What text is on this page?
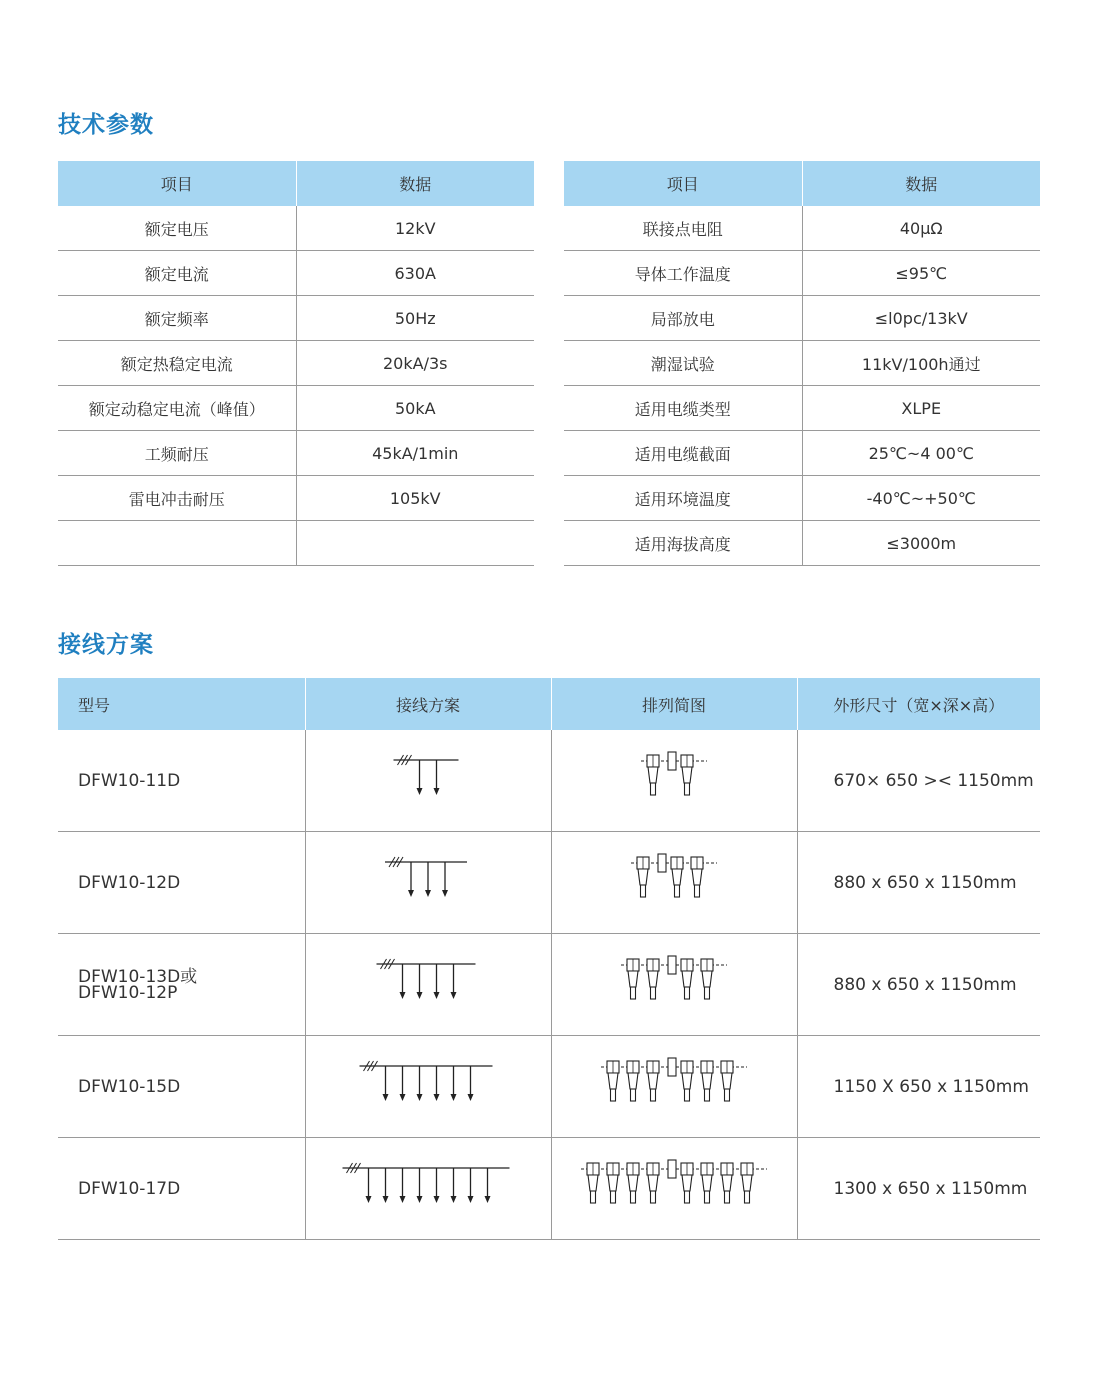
技术参数
项目	数据
额定电压	12kV
额定电流	630A
额定频率	50Hz
额定热稳定电流	20kA/3s
额定动稳定电流（峰值）	50kA
工频耐压	45kA/1min
雷电冲击耐压	105kV

项目	数据
联接点电阻	40μΩ
导体工作温度	≤95℃
局部放电	≤l0pc/13kV
潮湿试验	11kV/100h通过
适用电缆类型	XLPE
适用电缆截面	25℃~4 00℃
适用环境温度	-40℃~+50℃
适用海拔高度	≤3000m
接线方案
型号	接线方案	排列简图	外形尺寸（宽×深×高）
DFW10-11D			670× 650 >< 1150mm
DFW10-12D			880 x 650 x 1150mm

DFW10-13D或
DFW10-12P			880 x 650 x 1150mm
DFW10-15D			1150 X 650 x 1150mm
DFW10-17D			1300 x 650 x 1150mm
